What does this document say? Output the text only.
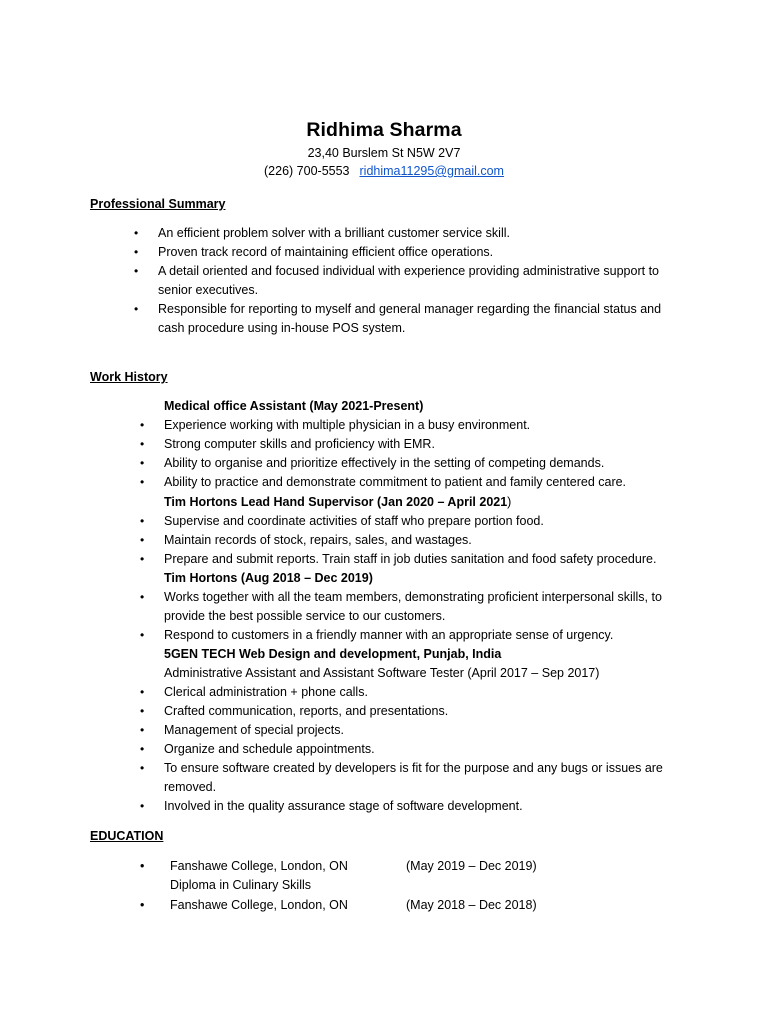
Ridhima Sharma
23,40 Burslem St N5W 2V7
(226) 700-5553 ridhima11295@gmail.com
Professional Summary
• An efficient problem solver with a brilliant customer service skill.
• Proven track record of maintaining efficient office operations.
• A detail oriented and focused individual with experience providing administrative support to senior executives.
• Responsible for reporting to myself and general manager regarding the financial status and cash procedure using in-house POS system.
Work History
Medical office Assistant (May 2021-Present)
• Experience working with multiple physician in a busy environment.
• Strong computer skills and proficiency with EMR.
• Ability to organise and prioritize effectively in the setting of competing demands.
• Ability to practice and demonstrate commitment to patient and family centered care.
Tim Hortons Lead Hand Supervisor (Jan 2020 – April 2021)
• Supervise and coordinate activities of staff who prepare portion food.
• Maintain records of stock, repairs, sales, and wastages.
• Prepare and submit reports. Train staff in job duties sanitation and food safety procedure.
Tim Hortons (Aug 2018 – Dec 2019)
• Works together with all the team members, demonstrating proficient interpersonal skills, to provide the best possible service to our customers.
• Respond to customers in a friendly manner with an appropriate sense of urgency.
5GEN TECH Web Design and development, Punjab, India
Administrative Assistant and Assistant Software Tester (April 2017 – Sep 2017)
• Clerical administration + phone calls.
• Crafted communication, reports, and presentations.
• Management of special projects.
• Organize and schedule appointments.
• To ensure software created by developers is fit for the purpose and any bugs or issues are removed.
• Involved in the quality assurance stage of software development.
EDUCATION
• Fanshawe College, London, ON	(May 2019 – Dec 2019)
Diploma in Culinary Skills
• Fanshawe College, London, ON	(May 2018 – Dec 2018)
